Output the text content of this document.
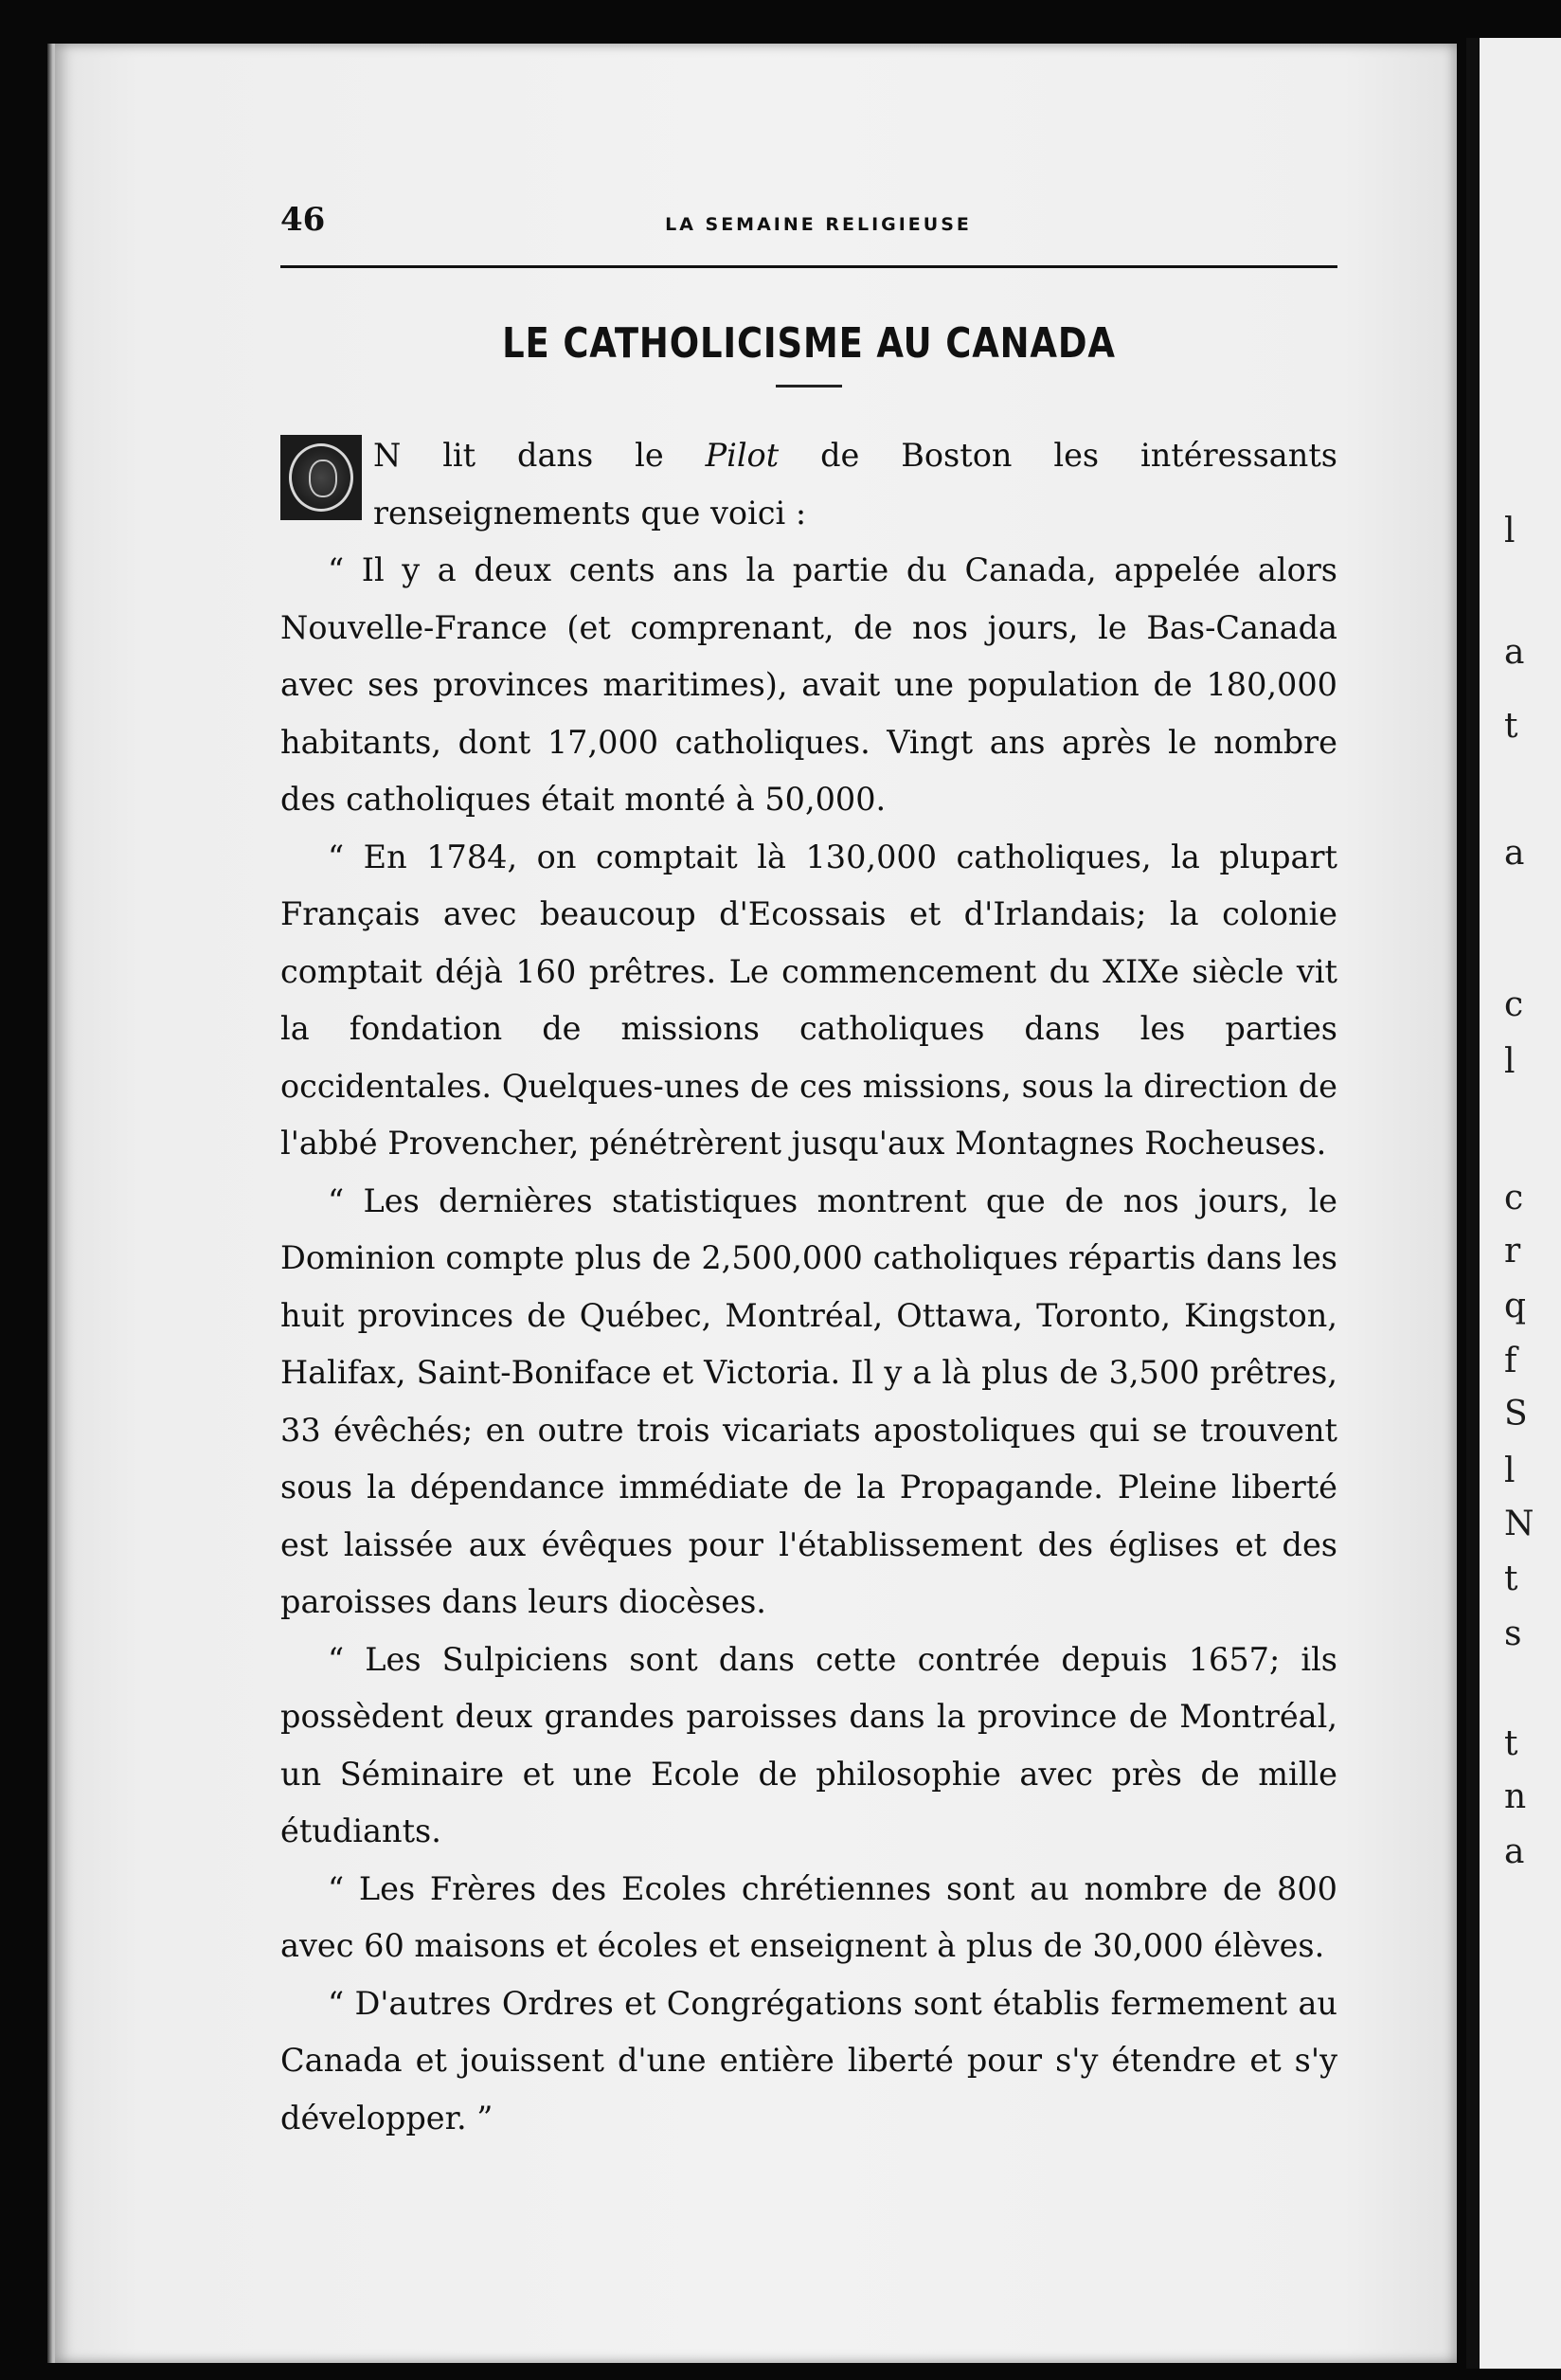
l
a
t
a
c
l
c
r
q
f
S
l
N
t
s
t
n
a
46	LA SEMAINE RELIGIEUSE
LE CATHOLICISME AU CANADA

N lit dans le Pilot de Boston les intéressants renseignements que voici :

“ Il y a deux cents ans la partie du Canada, appelée alors Nouvelle-France (et comprenant, de nos jours, le Bas-Canada avec ses provinces maritimes), avait une population de 180,000 habitants, dont 17,000 catholiques. Vingt ans après le nombre des catholiques était monté à 50,000.

“ En 1784, on comptait là 130,000 catholiques, la plupart Français avec beaucoup d'Ecossais et d'Irlandais; la colonie comptait déjà 160 prêtres. Le commencement du XIXe siècle vit la fondation de missions catholiques dans les parties occidentales. Quelques-unes de ces missions, sous la direction de l'abbé Provencher, pénétrèrent jusqu'aux Montagnes Rocheuses.

“ Les dernières statistiques montrent que de nos jours, le Dominion compte plus de 2,500,000 catholiques répartis dans les huit provinces de Québec, Montréal, Ottawa, Toronto, Kingston, Halifax, Saint-Boniface et Victoria. Il y a là plus de 3,500 prêtres, 33 évêchés; en outre trois vicariats apostoliques qui se trouvent sous la dépendance immédiate de la Propagande. Pleine liberté est laissée aux évêques pour l'établissement des églises et des paroisses dans leurs diocèses.

“ Les Sulpiciens sont dans cette contrée depuis 1657; ils possèdent deux grandes paroisses dans la province de Montréal, un Séminaire et une Ecole de philosophie avec près de mille étudiants.

“ Les Frères des Ecoles chrétiennes sont au nombre de 800 avec 60 maisons et écoles et enseignent à plus de 30,000 élèves.

“ D'autres Ordres et Congrégations sont établis fermement au Canada et jouissent d'une entière liberté pour s'y étendre et s'y développer. ”
